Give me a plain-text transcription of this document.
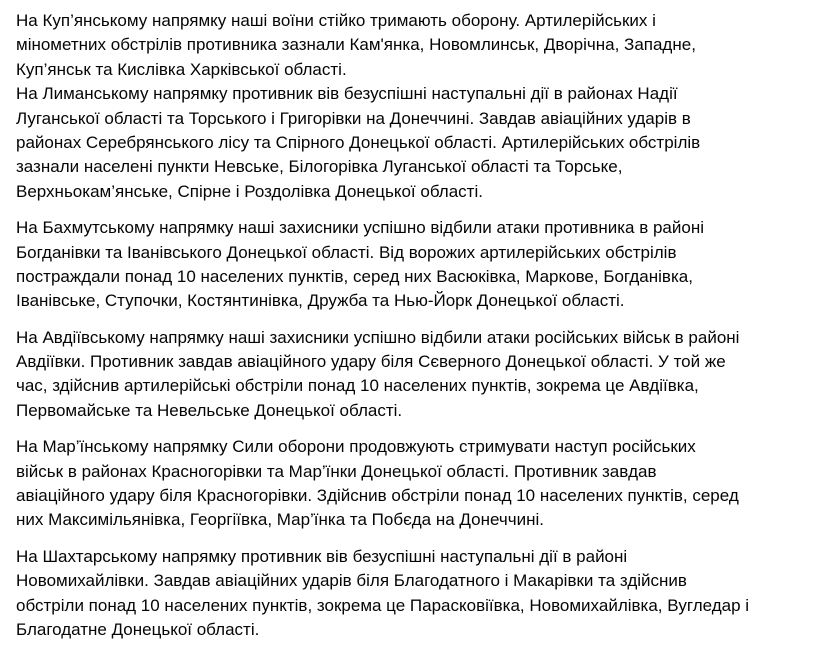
На Куп’янському напрямку наші воїни стійко тримають оборону. Артилерійських і
мінометних обстрілів противника зазнали Кам'янка, Новомлинськ, Дворічна, Западне,
Куп’янськ та Кислівка Харківської області.
На Лиманському напрямку противник вів безуспішні наступальні дії в районах Надії
Луганської області та Торського і Григорівки на Донеччині. Завдав авіаційних ударів в
районах Серебрянського лісу та Спірного Донецької області. Артилерійських обстрілів
зазнали населені пункти Невське, Білогорівка Луганської області та Торське,
Верхньокам’янське, Спірне і Роздолівка Донецької області.

На Бахмутському напрямку наші захисники успішно відбили атаки противника в районі
Богданівки та Іванівського Донецької області. Від ворожих артилерійських обстрілів
постраждали понад 10 населених пунктів, серед них Васюківка, Маркове, Богданівка,
Іванівське, Ступочки, Костянтинівка, Дружба та Нью-Йорк Донецької області.

На Авдіївському напрямку наші захисники успішно відбили атаки російських військ в районі
Авдіївки. Противник завдав авіаційного удару біля Сєверного Донецької області. У той же
час, здійснив артилерійські обстріли понад 10 населених пунктів, зокрема це Авдіївка,
Первомайське та Невельське Донецької області.

На Мар’їнському напрямку Сили оборони продовжують стримувати наступ російських
військ в районах Красногорівки та Мар’їнки Донецької області. Противник завдав
авіаційного удару біля Красногорівки. Здійснив обстріли понад 10 населених пунктів, серед
них Максимільянівка, Георгіївка, Мар’їнка та Побєда на Донеччині.

На Шахтарському напрямку противник вів безуспішні наступальні дії в районі
Новомихайлівки. Завдав авіаційних ударів біля Благодатного і Макарівки та здійснив
обстріли понад 10 населених пунктів, зокрема це Парасковіївка, Новомихайлівка, Вугледар і
Благодатне Донецької області.
